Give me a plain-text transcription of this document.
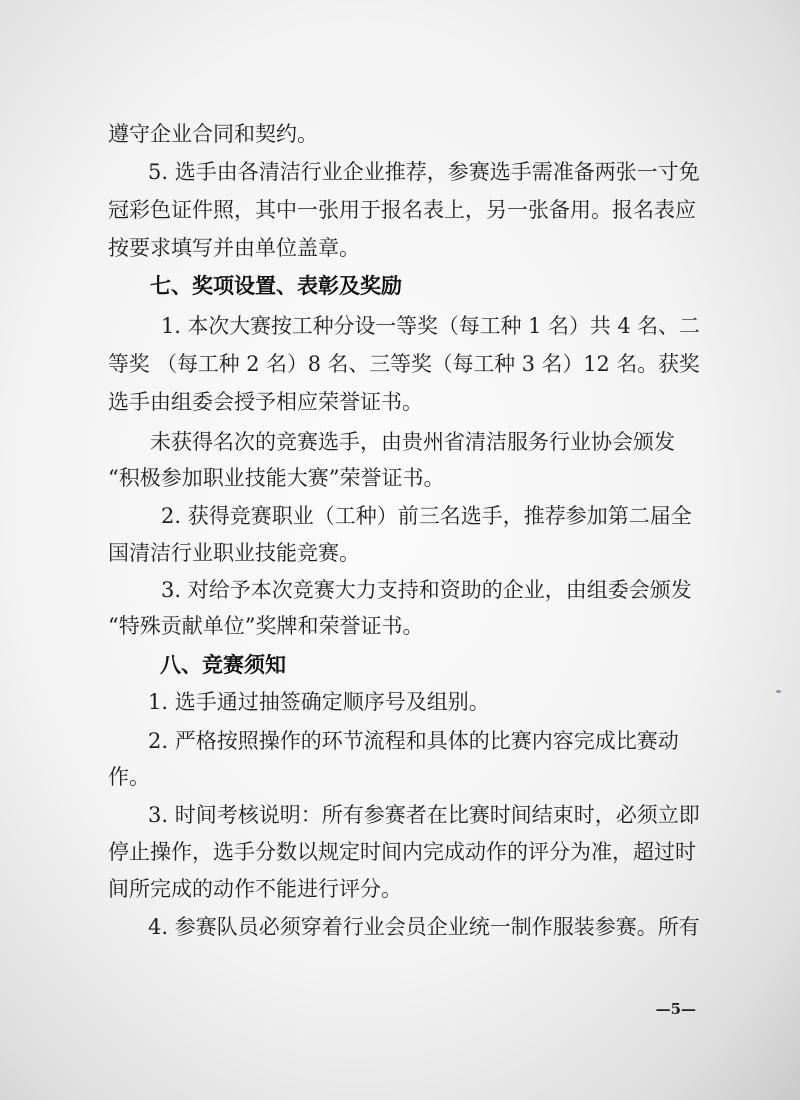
遵守企业合同和契约。
5. 选手由各清洁行业企业推荐，参赛选手需准备两张一寸免
冠彩色证件照，其中一张用于报名表上，另一张备用。报名表应
按要求填写并由单位盖章。
七、奖项设置、表彰及奖励
1. 本次大赛按工种分设一等奖（每工种 1 名）共 4 名、二
等奖 （每工种 2 名）8 名、三等奖（每工种 3 名）12 名。获奖
选手由组委会授予相应荣誉证书。
未获得名次的竞赛选手，由贵州省清洁服务行业协会颁发
“积极参加职业技能大赛”荣誉证书。
2. 获得竞赛职业（工种）前三名选手，推荐参加第二届全
国清洁行业职业技能竞赛。
3. 对给予本次竞赛大力支持和资助的企业，由组委会颁发
“特殊贡献单位”奖牌和荣誉证书。
八、竞赛须知
1. 选手通过抽签确定顺序号及组别。
2. 严格按照操作的环节流程和具体的比赛内容完成比赛动
作。
3. 时间考核说明：所有参赛者在比赛时间结束时，必须立即
停止操作，选手分数以规定时间内完成动作的评分为准，超过时
间所完成的动作不能进行评分。
4. 参赛队员必须穿着行业会员企业统一制作服装参赛。所有
—5—
